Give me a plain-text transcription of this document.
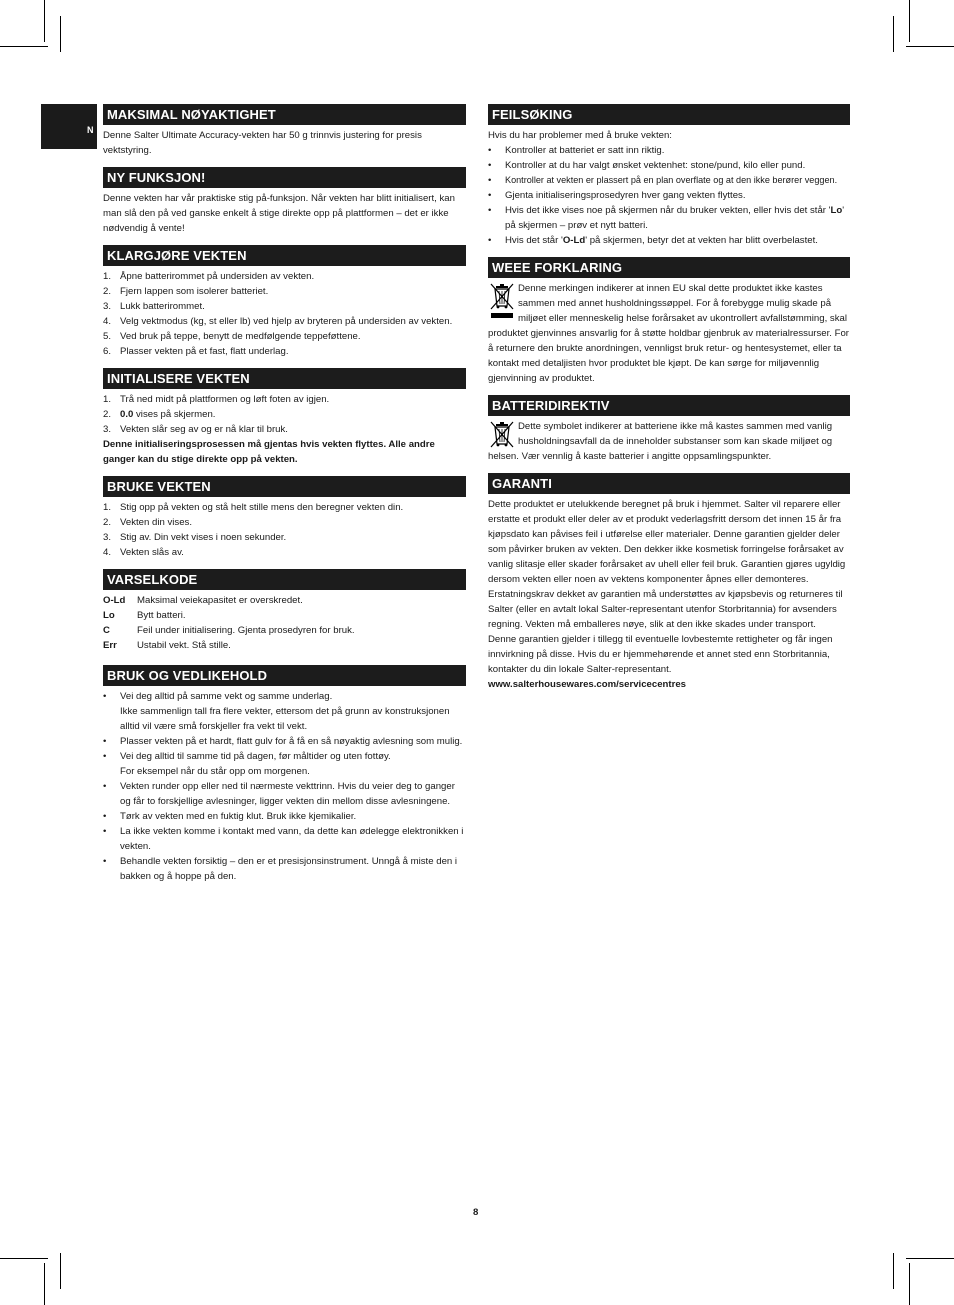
N
MAKSIMAL NØYAKTIGHET

Denne Salter Ultimate Accuracy-vekten har 50 g trinnvis justering for presis vektstyring.

NY FUNKSJON!

Denne vekten har vår praktiske stig på-funksjon. Når vekten har blitt initialisert, kan man slå den på ved ganske enkelt å stige direkte opp på plattformen – det er ikke nødvendig å vente!

KLARGJØRE VEKTEN
1. Åpne batterirommet på undersiden av vekten.
2. Fjern lappen som isolerer batteriet.
3. Lukk batterirommet.
4. Velg vektmodus (kg, st eller lb) ved hjelp av bryteren på undersiden av vekten.
5. Ved bruk på teppe, benytt de medfølgende teppeføttene.
6. Plasser vekten på et fast, flatt underlag.
INITIALISERE VEKTEN
1. Trå ned midt på plattformen og løft foten av igjen.
2. 0.0 vises på skjermen.
3. Vekten slår seg av og er nå klar til bruk.

Denne initialiseringsprosessen må gjentas hvis vekten flyttes. Alle andre ganger kan du stige direkte opp på vekten.

BRUKE VEKTEN
1. Stig opp på vekten og stå helt stille mens den beregner vekten din.
2. Vekten din vises.
3. Stig av. Din vekt vises i noen sekunder.
4. Vekten slås av.
VARSELKODE
O-Ld	Maksimal veiekapasitet er overskredet.
Lo	Bytt batteri.
C	Feil under initialisering. Gjenta prosedyren for bruk.
Err	Ustabil vekt. Stå stille.
BRUK OG VEDLIKEHOLD
•	Vei deg alltid på samme vekt og samme underlag.
Ikke sammenlign tall fra flere vekter, ettersom det på grunn av konstruksjonen alltid vil være små forskjeller fra vekt til vekt.
•	Plasser vekten på et hardt, flatt gulv for å få en så nøyaktig avlesning som mulig.
•	Vei deg alltid til samme tid på dagen, før måltider og uten fottøy.
For eksempel når du står opp om morgenen.
•	Vekten runder opp eller ned til nærmeste vekttrinn. Hvis du veier deg to ganger og får to forskjellige avlesninger, ligger vekten din mellom disse avlesningene.
•	Tørk av vekten med en fuktig klut. Bruk ikke kjemikalier.
•	La ikke vekten komme i kontakt med vann, da dette kan ødelegge elektronikken i vekten.
•	Behandle vekten forsiktig – den er et presisjonsinstrument. Unngå å miste den i bakken og å hoppe på den.
FEILSØKING

Hvis du har problemer med å bruke vekten:

•	Kontroller at batteriet er satt inn riktig.
•	Kontroller at du har valgt ønsket vektenhet: stone/pund, kilo eller pund.
•	Kontroller at vekten er plassert på en plan overflate og at den ikke berører veggen.
•	Gjenta initialiseringsprosedyren hver gang vekten flyttes.
•	Hvis det ikke vises noe på skjermen når du bruker vekten, eller hvis det står 'Lo' på skjermen – prøv et nytt batteri.
•	Hvis det står 'O-Ld' på skjermen, betyr det at vekten har blitt overbelastet.
WEEE FORKLARING
Denne merkingen indikerer at innen EU skal dette produktet ikke kastes sammen med annet husholdningssøppel. For å forebygge mulig skade på miljøet eller menneskelig helse forårsaket av ukontrollert avfallstømming, skal produktet gjenvinnes ansvarlig for å støtte holdbar gjenbruk av materialressurser. For å returnere den brukte anordningen, vennligst bruk retur- og hentesystemet, eller ta kontakt med detaljisten hvor produktet ble kjøpt. De kan sørge for miljøvennlig gjenvinning av produktet.
BATTERIDIREKTIV
Dette symbolet indikerer at batteriene ikke må kastes sammen med vanlig husholdningsavfall da de inneholder substanser som kan skade miljøet og helsen. Vær vennlig å kaste batterier i angitte oppsamlingspunkter.
GARANTI

Dette produktet er utelukkende beregnet på bruk i hjemmet. Salter vil reparere eller erstatte et produkt eller deler av et produkt vederlagsfritt dersom det innen 15 år fra kjøpsdato kan påvises feil i utførelse eller materialer. Denne garantien gjelder deler som påvirker bruken av vekten. Den dekker ikke kosmetisk forringelse forårsaket av vanlig slitasje eller skader forårsaket av uhell eller feil bruk. Garantien gjøres ugyldig dersom vekten eller noen av vektens komponenter åpnes eller demonteres. Erstatningskrav dekket av garantien må understøttes av kjøpsbevis og returneres til Salter (eller en avtalt lokal Salter-representant utenfor Storbritannia) for avsenders regning. Vekten må emballeres nøye, slik at den ikke skades under transport.

Denne garantien gjelder i tillegg til eventuelle lovbestemte rettigheter og får ingen innvirkning på disse. Hvis du er hjemmehørende et annet sted enn Storbritannia, kontakter du din lokale Salter-representant.

www.salterhousewares.com/servicecentres
8
